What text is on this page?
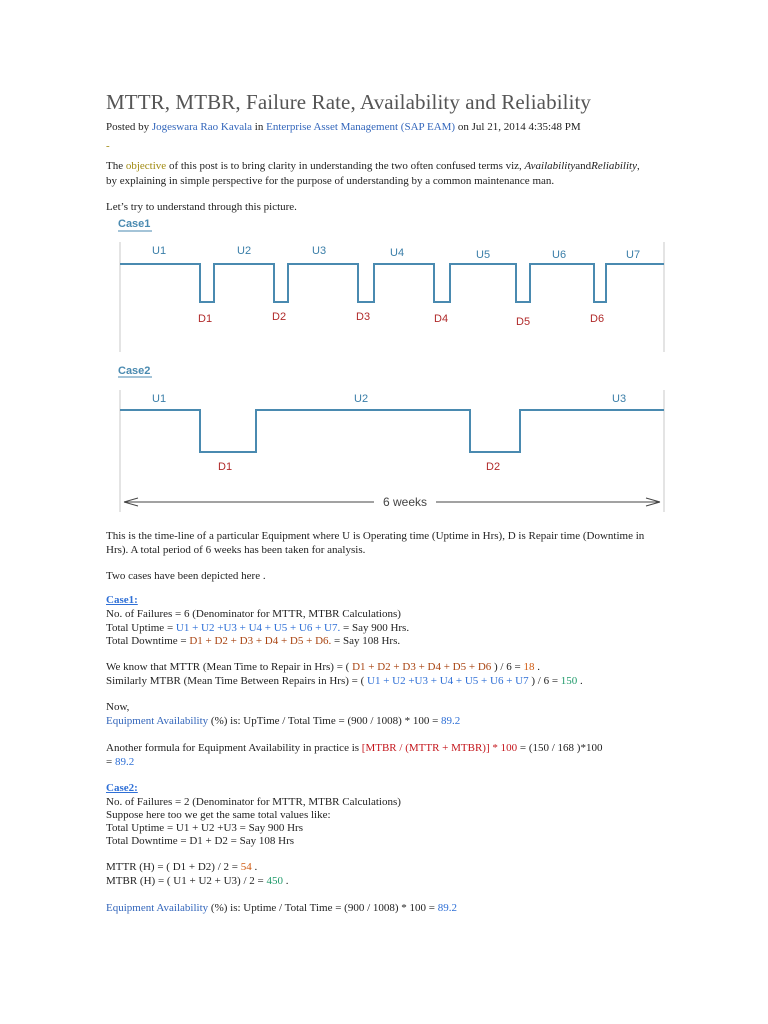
MTTR, MTBR, Failure Rate, Availability and Reliability
Posted by Jogeswara Rao Kavala in Enterprise Asset Management (SAP EAM) on Jul 21, 2014 4:35:48 PM
-
The objective of this post is to bring clarity in understanding the two often confused terms viz, AvailabilityandReliability,
by explaining in simple perspective for the purpose of understanding by a common maintenance man.
Let’s try to understand through this picture.
Case1
U1	U2	U3	U4	U5	U6	U7
D1	D2	D3	D4	D5	D6
Case2
U1	U2	U3
D1	D2
6 weeks
This is the time-line of a particular Equipment where U is Operating time (Uptime in Hrs), D is Repair time (Downtime in
Hrs). A total period of 6 weeks has been taken for analysis.
Two cases have been depicted here .
Case1:
No. of Failures = 6 (Denominator for MTTR, MTBR Calculations)
Total Uptime = U1 + U2 +U3 + U4 + U5 + U6 + U7. = Say 900 Hrs.
Total Downtime = D1 + D2 + D3 + D4 + D5 + D6. = Say 108 Hrs.
We know that MTTR (Mean Time to Repair in Hrs) = ( D1 + D2 + D3 + D4 + D5 + D6 ) / 6 = 18 .
Similarly MTBR (Mean Time Between Repairs in Hrs) = ( U1 + U2 +U3 + U4 + U5 + U6 + U7 ) / 6 = 150 .
Now,
Equipment Availability (%) is: UpTime / Total Time = (900 / 1008) * 100 = 89.2
Another formula for Equipment Availability in practice is [MTBR / (MTTR + MTBR)] * 100 = (150 / 168 )*100
= 89.2
Case2:
No. of Failures = 2 (Denominator for MTTR, MTBR Calculations)
Suppose here too we get the same total values like:
Total Uptime = U1 + U2 +U3 = Say 900 Hrs
Total Downtime = D1 + D2 = Say 108 Hrs
MTTR (H) = ( D1 + D2) / 2 = 54 .
MTBR (H) = ( U1 + U2 + U3) / 2 = 450 .
Equipment Availability (%) is: Uptime / Total Time = (900 / 1008) * 100 = 89.2
